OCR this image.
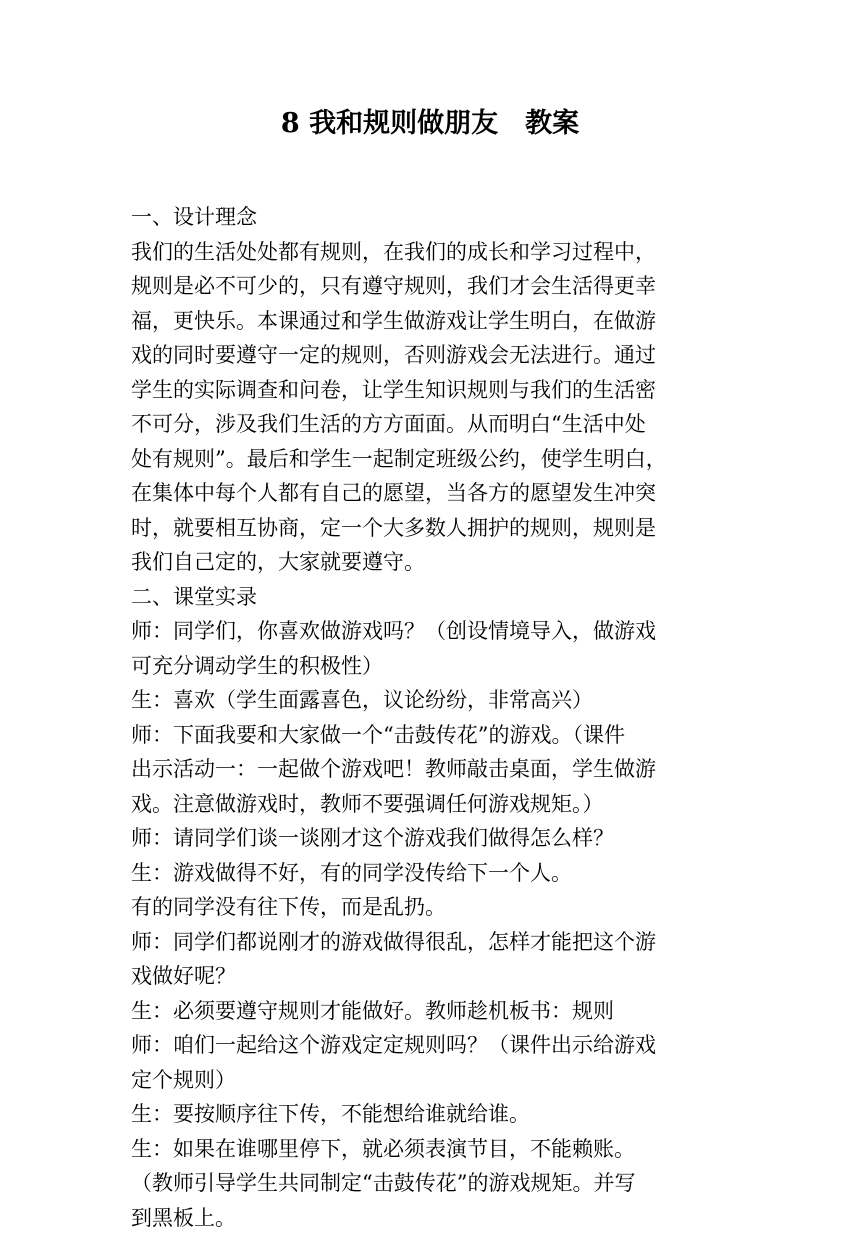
8 我和规则做朋友　教案
一、设计理念
我们的生活处处都有规则，在我们的成长和学习过程中，
规则是必不可少的，只有遵守规则，我们才会生活得更幸
福，更快乐。本课通过和学生做游戏让学生明白，在做游
戏的同时要遵守一定的规则，否则游戏会无法进行。通过
学生的实际调查和问卷，让学生知识规则与我们的生活密
不可分，涉及我们生活的方方面面。从而明白“生活中处
处有规则”。最后和学生一起制定班级公约，使学生明白，
在集体中每个人都有自己的愿望，当各方的愿望发生冲突
时，就要相互协商，定一个大多数人拥护的规则，规则是
我们自己定的，大家就要遵守。
二、课堂实录
师：同学们，你喜欢做游戏吗？（创设情境导入，做游戏
可充分调动学生的积极性）
生：喜欢（学生面露喜色，议论纷纷，非常高兴）
师：下面我要和大家做一个“击鼓传花”的游戏。（课件
出示活动一：一起做个游戏吧！教师敲击桌面，学生做游
戏。注意做游戏时，教师不要强调任何游戏规矩。）
师：请同学们谈一谈刚才这个游戏我们做得怎么样？
生：游戏做得不好，有的同学没传给下一个人。
有的同学没有往下传，而是乱扔。
师：同学们都说刚才的游戏做得很乱，怎样才能把这个游
戏做好呢？
生：必须要遵守规则才能做好。教师趁机板书：规则
师：咱们一起给这个游戏定定规则吗？（课件出示给游戏
定个规则）
生：要按顺序往下传，不能想给谁就给谁。
生：如果在谁哪里停下，就必须表演节目，不能赖账。
（教师引导学生共同制定“击鼓传花”的游戏规矩。并写
到黑板上。
